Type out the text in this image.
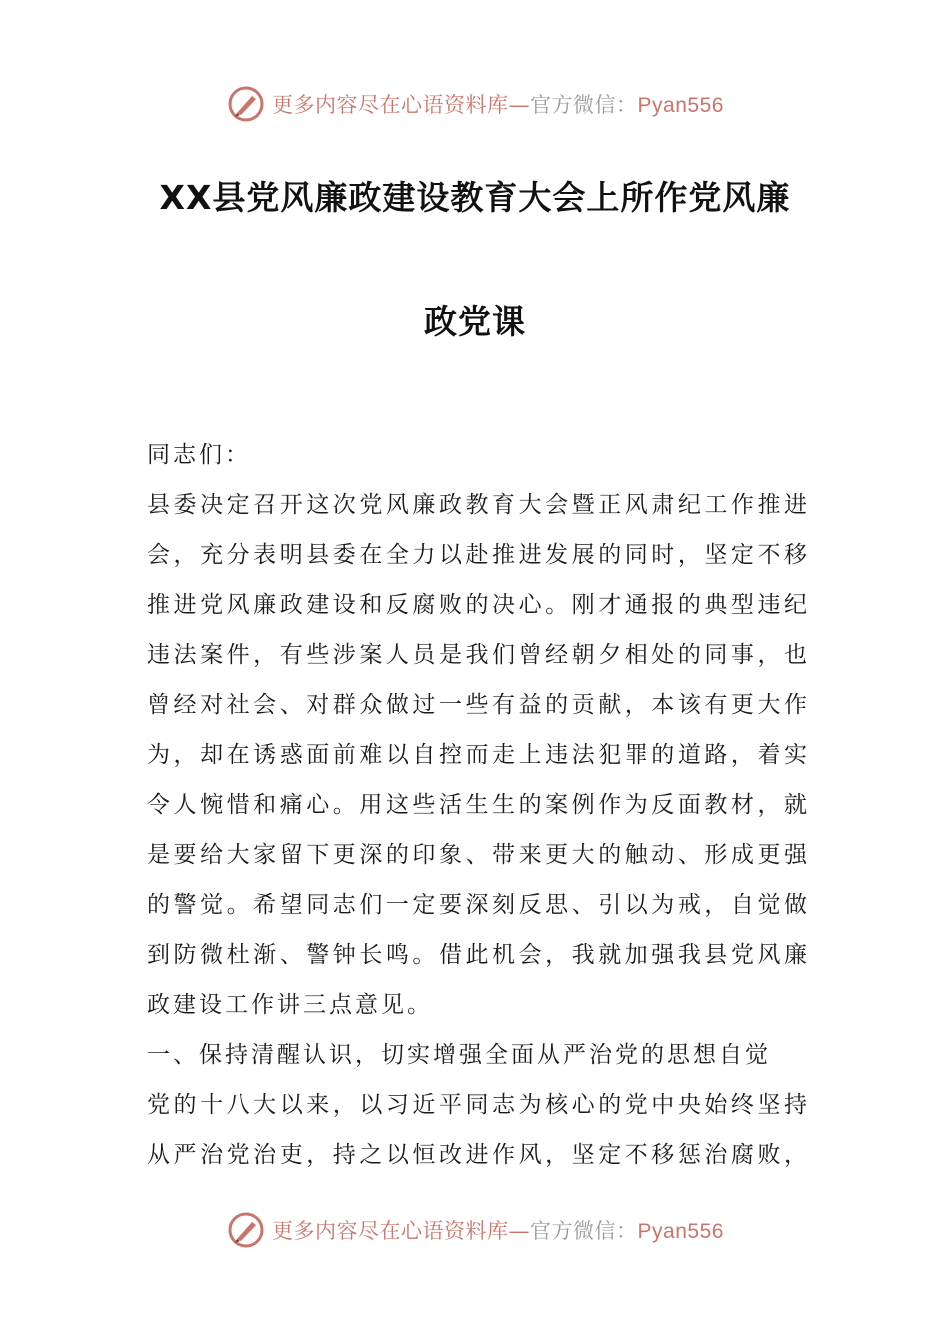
更多内容尽在心语资料库—官方微信：Pyan556
XX县党风廉政建设教育大会上所作党风廉
政党课
同志们：
县委决定召开这次党风廉政教育大会暨正风肃纪工作推进
会，充分表明县委在全力以赴推进发展的同时，坚定不移
推进党风廉政建设和反腐败的决心。刚才通报的典型违纪
违法案件，有些涉案人员是我们曾经朝夕相处的同事，也
曾经对社会、对群众做过一些有益的贡献，本该有更大作
为，却在诱惑面前难以自控而走上违法犯罪的道路，着实
令人惋惜和痛心。用这些活生生的案例作为反面教材，就
是要给大家留下更深的印象、带来更大的触动、形成更强
的警觉。希望同志们一定要深刻反思、引以为戒，自觉做
到防微杜渐、警钟长鸣。借此机会，我就加强我县党风廉
政建设工作讲三点意见。
一、保持清醒认识，切实增强全面从严治党的思想自觉
党的十八大以来，以习近平同志为核心的党中央始终坚持
从严治党治吏，持之以恒改进作风，坚定不移惩治腐败，
更多内容尽在心语资料库—官方微信：Pyan556
